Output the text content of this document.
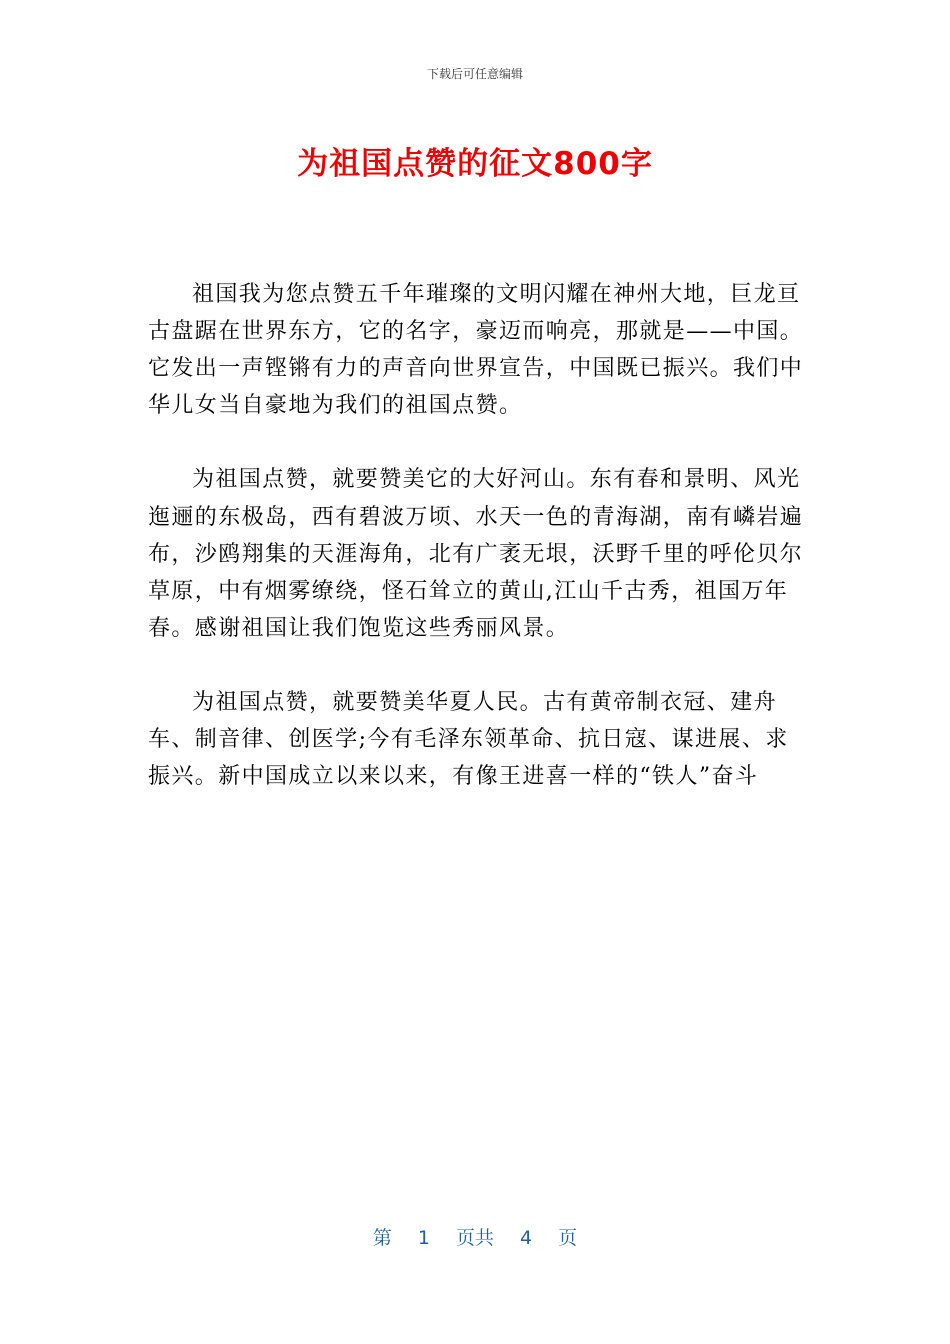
下载后可任意编辑
为祖国点赞的征文800字

祖国我为您点赞五千年璀璨的文明闪耀在神州大地，巨龙亘古盘踞在世界东方，它的名字，豪迈而响亮，那就是——中国。它发出一声铿锵有力的声音向世界宣告，中国既已振兴。我们中华儿女当自豪地为我们的祖国点赞。

为祖国点赞，就要赞美它的大好河山。东有春和景明、风光迤逦的东极岛，西有碧波万顷、水天一色的青海湖，南有嶙岩遍布，沙鸥翔集的天涯海角，北有广袤无垠，沃野千里的呼伦贝尔草原，中有烟雾缭绕，怪石耸立的黄山,江山千古秀，祖国万年春。感谢祖国让我们饱览这些秀丽风景。

为祖国点赞，就要赞美华夏人民。古有黄帝制衣冠、建舟车、制音律、创医学;今有毛泽东领革命、抗日寇、谋进展、求振兴。新中国成立以来以来，有像王进喜一样的“铁人”奋斗

第 1 页共 4 页
